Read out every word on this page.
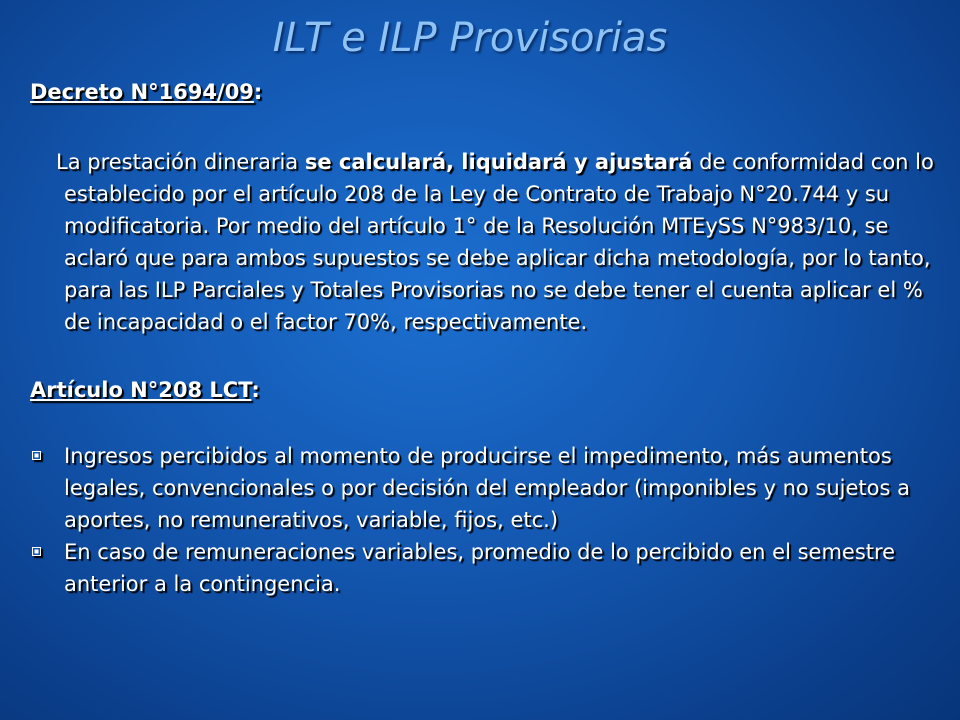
ILT e ILP Provisorias

Decreto N°1694/09:

La prestación dineraria se calculará, liquidará y ajustará de conformidad con lo establecido por el artículo 208 de la Ley de Contrato de Trabajo N°20.744 y su modificatoria. Por medio del artículo 1° de la Resolución MTEySS N°983/10, se aclaró que para ambos supuestos se debe aplicar dicha metodología, por lo tanto, para las ILP Parciales y Totales Provisorias no se debe tener el cuenta aplicar el % de incapacidad o el factor 70%, respectivamente.

Artículo N°208 LCT:

Ingresos percibidos al momento de producirse el impedimento, más aumentos legales, convencionales o por decisión del empleador (imponibles y no sujetos a aportes, no remunerativos, variable, fijos, etc.)
En caso de remuneraciones variables, promedio de lo percibido en el semestre anterior a la contingencia.
